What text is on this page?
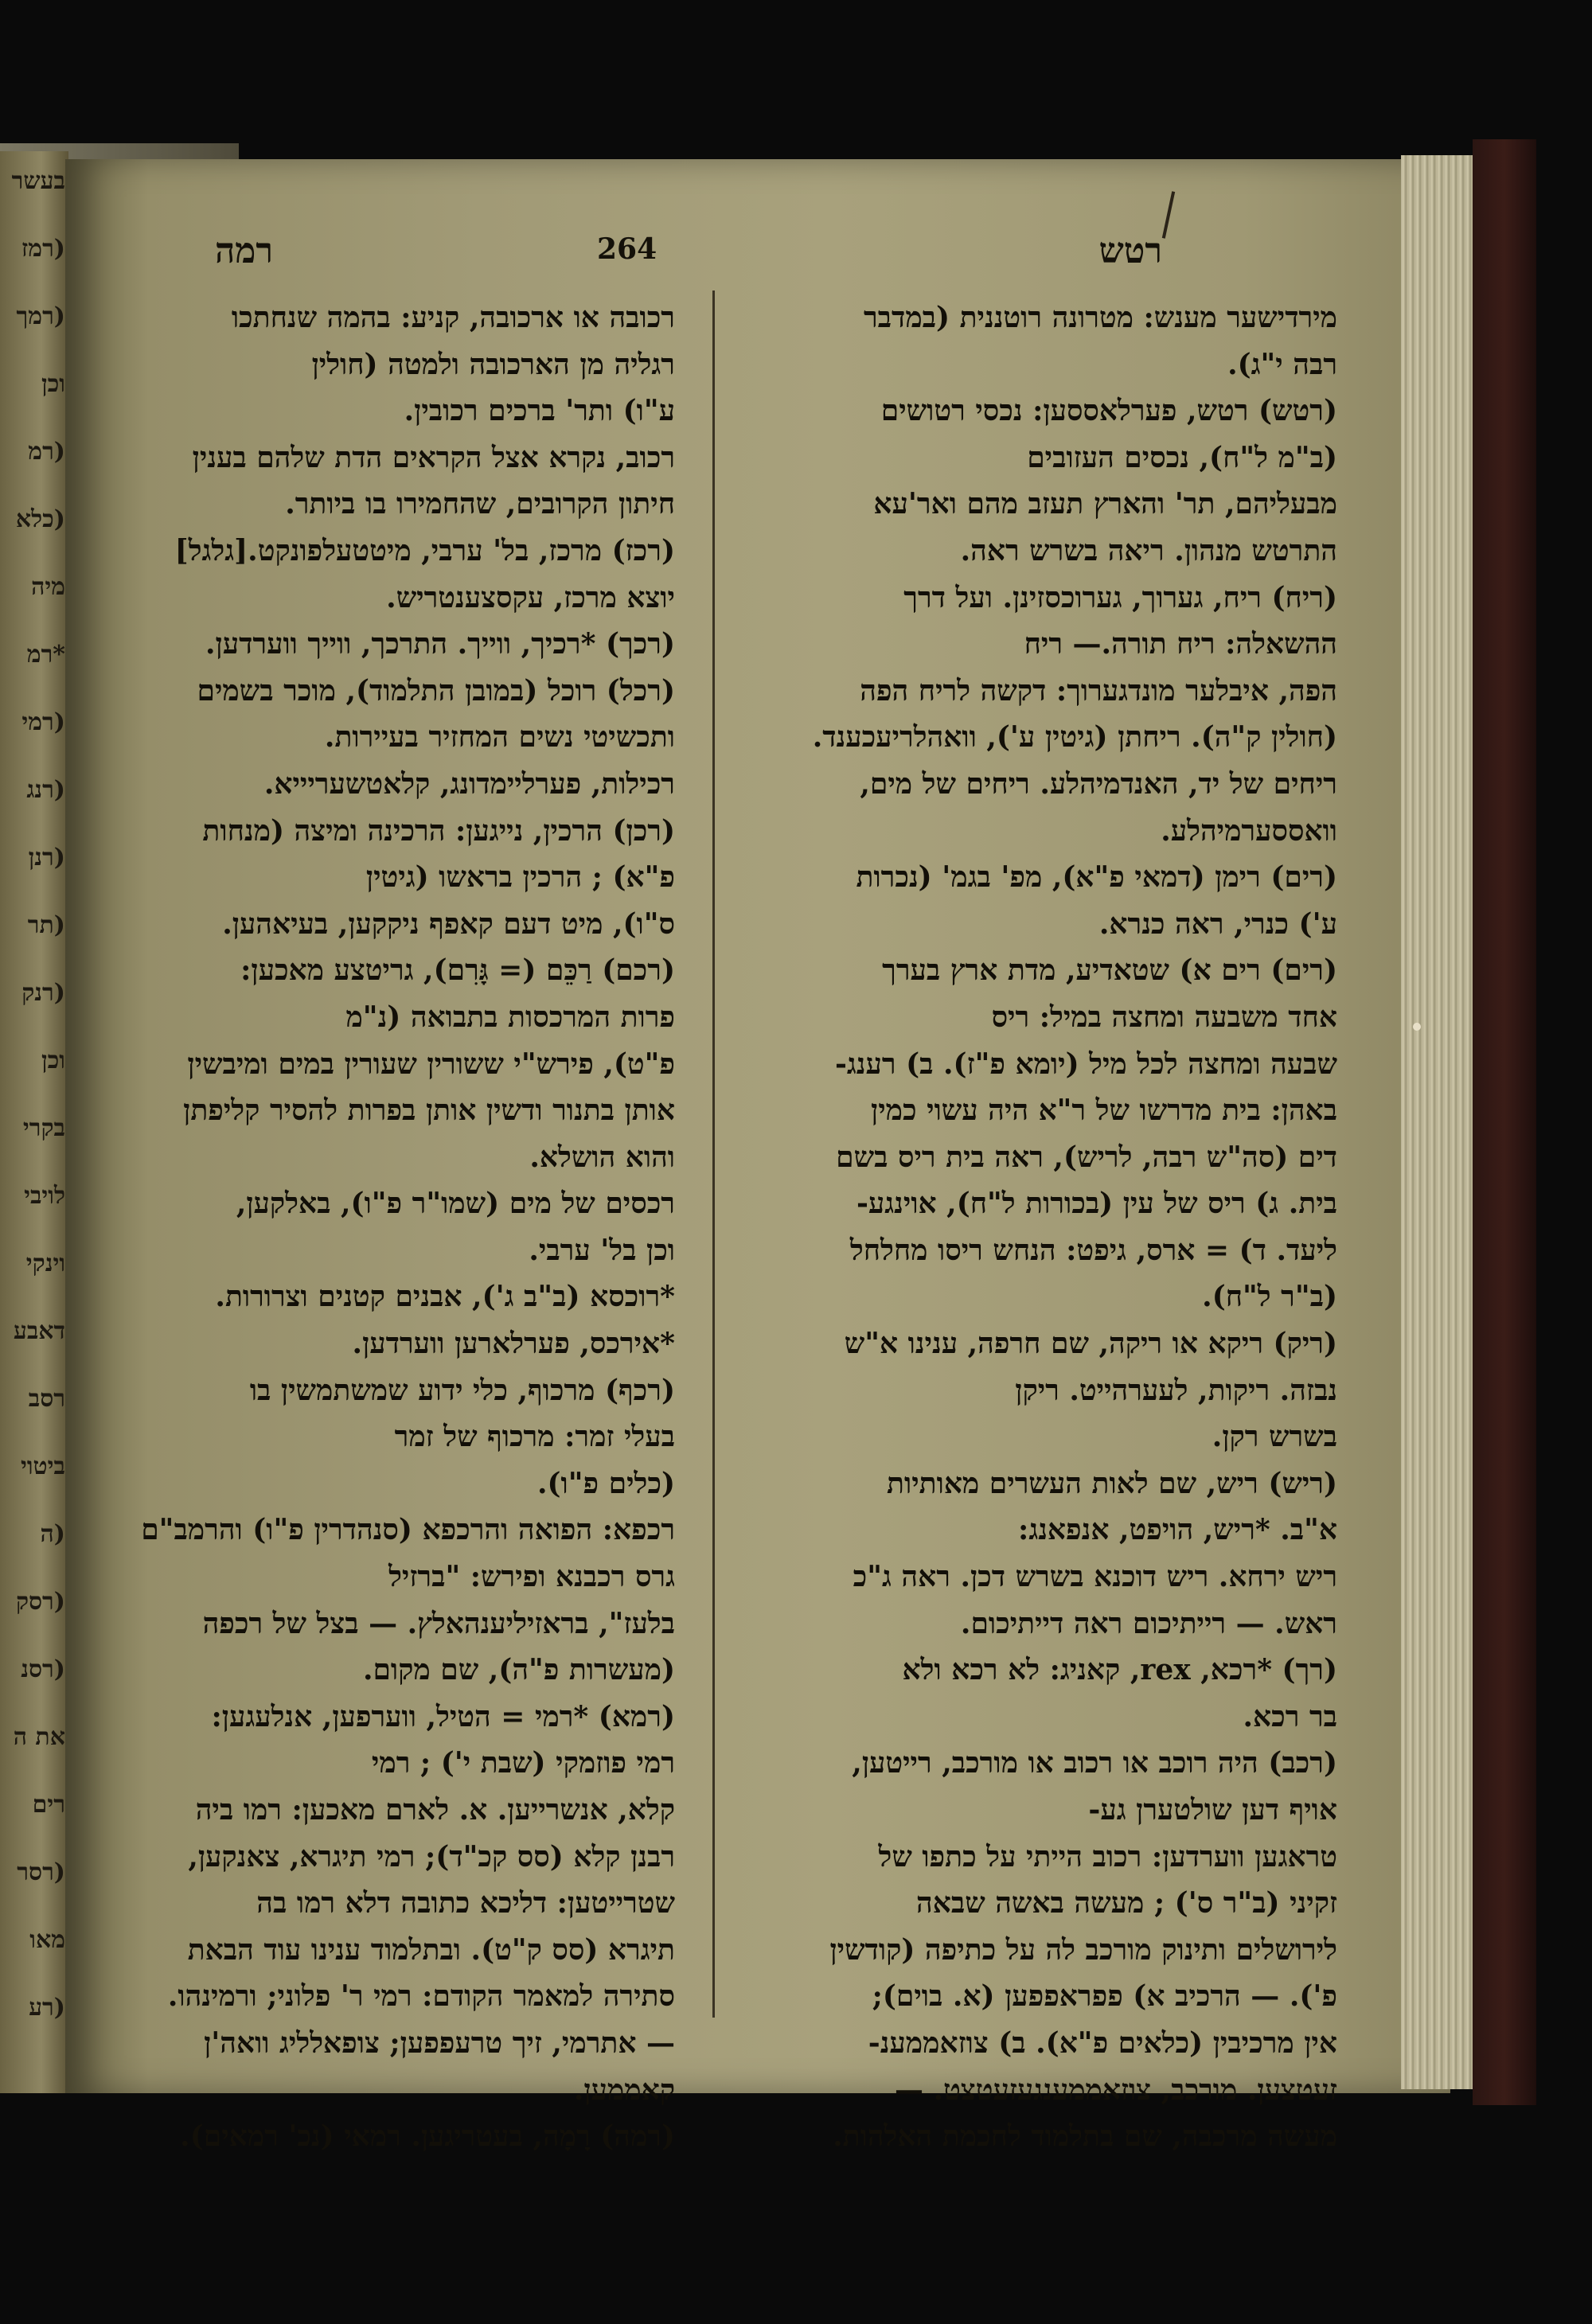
בעשר
(רמז
(רמך
וכן
(רמ
(כלא
מיה
*רמ
(רמי
(רנג
(רנן
(תר
(רנק
וכן
בקרי
לויבי
וינקי
דאבע
רסב
ביטוי
(ה
(רסק
(רסנ
את ה
רים
(רסר
מאו
(רע
רמה	264	רטש
מירדישער מענש: מטרונה רוטננית (במדבר
רבה י"ג).
(רטש) רטש, פערלאססען: נכסי רטושים
(ב"מ ל"ח), נכסים העזובים
מבעליהם, תר' והארץ תעזב מהם ואר'עא
התרטש מנהון. ריאה בשרש ראה.
(ריח) ריח, גערוך, גערוכסזינן. ועל דרך
ההשאלה: ריח תורה.— ריח
הפה, איבלער מונדגערוך: דקשה לריח הפה
(חולין ק"ה). ריחתן (גיטין ע'), וואהלריעכענד.
ריחים של יד, האנדמיהלע. ריחים של מים,
וואססערמיהלע.
(רים) רימן (דמאי פ"א), מפ' בגמ' (נכרות
ע') כנרי, ראה כנרא.
(רים) רים א) שטאדיע, מדת ארץ בערך
אחד משבעה ומחצה במיל: ריס
שבעה ומחצה לכל מיל (יומא פ"ז). ב) רענג-
באהן: בית מדרשו של ר"א היה עשוי כמין
דים (סה"ש רבה, לריש), ראה בית ריס בשם
בית. ג) ריס של עין (בכורות ל"ח), אוינגע-
ליעד. ד) = ארס, גיפט: הנחש ריסו מחלחל
(ב"ר ל"ח).
(ריק) ריקא או ריקה, שם חרפה, ענינו א"ש
נבזה. ריקות, לעערהייט. ריקן
בשרש רקן.
(ריש) ריש, שם לאות העשרים מאותיות
א"ב. *ריש, הויפט, אנפאנג:
ריש ירחא. ריש דוכנא בשרש דכן. ראה ג"כ
ראש. — רייתיכום ראה דייתיכום.
(רך) *רכא, rex, קאניג: לא רכא ולא
בר רכא.
(רכב) היה רוכב או רכוב או מורכב, רייטען,
אויף דען שולטערן גע-
טראגען ווערדען: רכוב הייתי על כתפו של
זקיני (ב"ר ס') ; מעשה באשה שבאה
לירושלים ותינוק מורכב לה על כתיפה (קודשין
פ'). — הרכיב א) פפראפפען (א. בוים);
אין מרכיבין (כלאים פ"א). ב) צוזאממענ-
זעטצען. מורכב, צוזאממענגעזעטצט. —
מעשה מרכבה, שם בתלמוד לחכמת האלהות.
רכובה או ארכובה, קניע: בהמה שנחתכו
רגליה מן הארכובה ולמטה (חולין
ע"ו) ותר' ברכים רכובין.
רכוב, נקרא אצל הקראים הדת שלהם בענין
חיתון הקרובים, שהחמירו בו ביותר.
(רכז) מרכז, בל' ערבי, מיטטעלפונקט.[גלגל]
יוצא מרכז, עקסצענטריש.
(רכך) *רכיך, ווייך. התרכך, ווייך ווערדען.
(רכל) רוכל (במובן התלמוד), מוכר בשמים
ותכשיטי נשים המחזיר בעיירות.
רכילות, פערליימדונג, קלאטשעריייא.
(רכן) הרכין, נייגען: הרכינה ומיצה (מנחות
פ"א) ; הרכין בראשו (גיטין
ס"ו), מיט דעם קאפף ניקקען, בעיאהען.
(רכם) רַכֵּם (= גָּרִם), גריטצע מאכען:
פרות המרכסות בתבואה (נ"מ
פ"ט), פירש"י ששורין שעורין במים ומיבשין
אותן בתנור ודשין אותן בפרות להסיר קליפתן
והוא הושלא.
רכסים של מים (שמו"ר פ"ו), באלקען,
וכן בל' ערבי.
*רוכסא (ב"ב ג'), אבנים קטנים וצרורות.
*אירכס, פערלארען ווערדען.
(רכף) מרכוף, כלי ידוע שמשתמשין בו
בעלי זמר: מרכוף של זמר
(כלים פ"ו).
רכפא: הפואה והרכפא (סנהדרין פ"ו) והרמב"ם
גרס רכבנא ופירש: "ברזיל
בלעז", בראזיליענהאלץ. — בצל של רכפה
(מעשרות פ"ה), שם מקום.
(רמא) *רמי = הטיל, ווערפען, אנלעגען:
רמי פוזמקי (שבת י') ; רמי
קלא, אנשרייען. א. לארם מאכען: רמו ביה
רבנן קלא (סס קכ"ד); רמי תיגרא, צאנקען,
שטרייטען: דליכא כתובה דלא רמו בה
תיגרא (סס ק"ט). ובתלמוד ענינו עוד הבאת
סתירה למאמר הקודם: רמי ר' פלוני; ורמינהו.
— אתרמי, זיך טרעפפען; צופאלליג וואה'ן
קאממען.
(רמה) רָמָה, בעטריגען. רמאי (נכ' רמאים).
